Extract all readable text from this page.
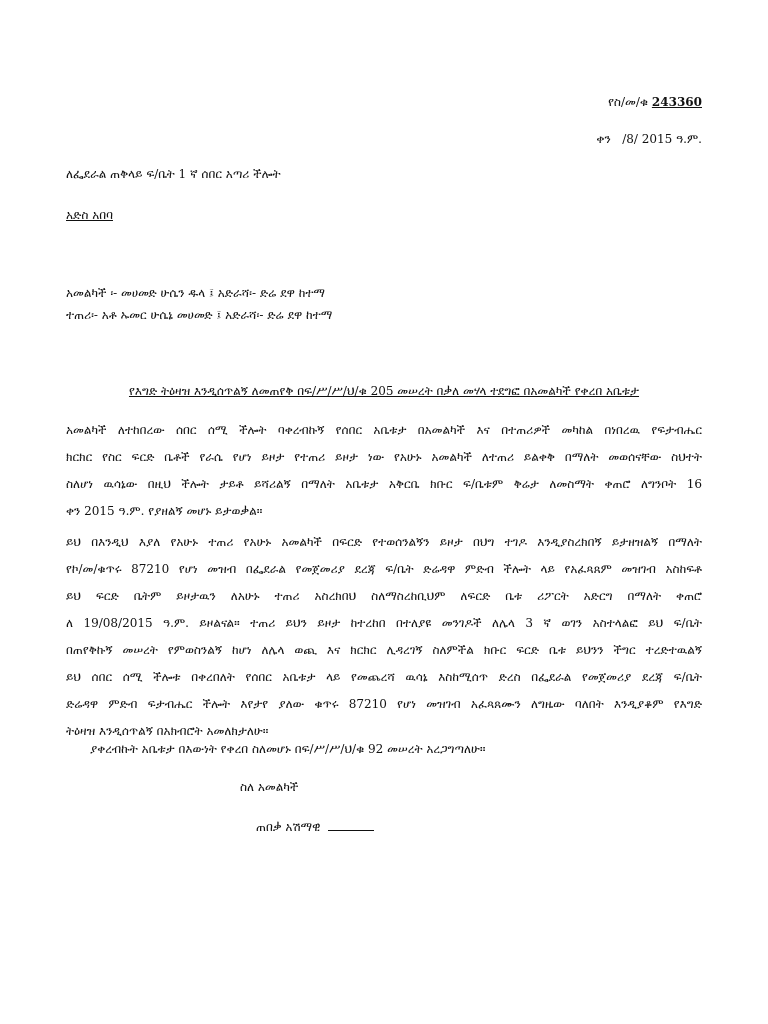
የስ/መ/ቁ 243360
ቀን /8/ 2015 ዓ.ም.
ለፌደራል ጠቅላይ ፍ/ቤት 1 ኛ ሰበር አጣሪ ችሎት
አድስ አበባ
አመልካች ፡- መሀመድ ሁሴን ዱላ ፤ አድራሻ፡- ድሬ ደዋ ከተማ
ተጠሪ፡- አቶ ኡመር ሁሴኔ መሀመድ ፤ አድራሻ፡- ድሬ ደዋ ከተማ
የእግድ ትዕዛዝ እንዲሰጥልኝ ለመጠየቅ በፍ/ሥ/ሥ/ህ/ቁ 205 መሠረት በቃለ መሃላ ተደግፎ በአመልካች የቀረበ አቤቱታ
አመልካች ለተከበረው ሰበር ሰሚ ችሎት ባቀረብኩኝ የሰበር አቤቱታ በአመልካች እና በተጠሪዎች መካከል በነበረዉ የፍታብሔር
ክርክር የስር ፍርድ ቤቶች የራሴ የሆነ ይዞታ የተጠሪ ይዞታ ነው የአሁኑ አመልካች ለተጠሪ ይልቀቅ በማለት መወሰናቸው ስህተት
ስለሆነ ዉሳኔው በዚህ ችሎት ታይቶ ይሻሪልኝ በማለት አቤቱታ አቅርቤ ክቡር ፍ/ቤቱም ቅሬታ ለመስማት ቀጠሮ ለግንቦት 16
ቀን 2015 ዓ.ም. የያዘልኝ መሆኑ ይታወቃል።
ይህ በእንዲህ እያለ የአሁኑ ተጠሪ የአሁኑ አመልካች በፍርድ የተወሰንልኝን ይዞታ በህግ ተገዶ እንዲያስረክበኝ ይታዘዝልኝ በማለት
የኮ/መ/ቁጥሩ 87210 የሆነ መዝብ በፌደራል የመጀመሪያ ደረጃ ፍ/ቤት ድሬዳዋ ምድብ ችሎት ላይ የአፈጻጸም መዝገብ አስከፍቶ
ይህ ፍርድ ቤትም ይዞታዉን ለአሁኑ ተጠሪ አስረክበህ ስለማስረከቢህም ለፍርድ ቤቱ ሪፖርት አድርግ በማለት ቀጠሮ
ለ 19/08/2015 ዓ.ም. ይዞልናል። ተጠሪ ይህን ይዞታ ከተረከበ በተለያዩ መንገዶች ለሌላ 3 ኛ ወገን አስተላልፎ ይህ ፍ/ቤት
በጠየቅኩኝ መሠረት የምወስንልኝ ከሆነ ለሌላ ወጪ እና ክርክር ሊዳረገኝ ስለምችል ክቡር ፍርድ ቤቱ ይህንን ችግር ተረድተዉልኝ
ይህ ሰበር ሰሚ ችሎቱ በቀረበለት የሰበር አቤቱታ ላይ የመጨረሻ ዉሳኔ እስከሚሰጥ ድረስ በፌደራል የመጀመሪያ ደረጃ ፍ/ቤት
ድሬዳዋ ምድብ ፍታብሔር ችሎት እየታየ ያለው ቁጥሩ 87210 የሆነ መዝገብ አፈጻጸሙን ለግዜው ባለበት እንዲያቆም የእግድ
ትዕዛዝ እንዲሰጥልኝ በአክብሮት አመለክታለሁ።
ያቀረብኩት አቤቱታ በእውነት የቀረበ ስለመሆኑ በፍ/ሥ/ሥ/ህ/ቁ 92 መሠረት አረጋግጣለሁ።
ስለ አመልካች
ጠበቃ አሽማዊ
